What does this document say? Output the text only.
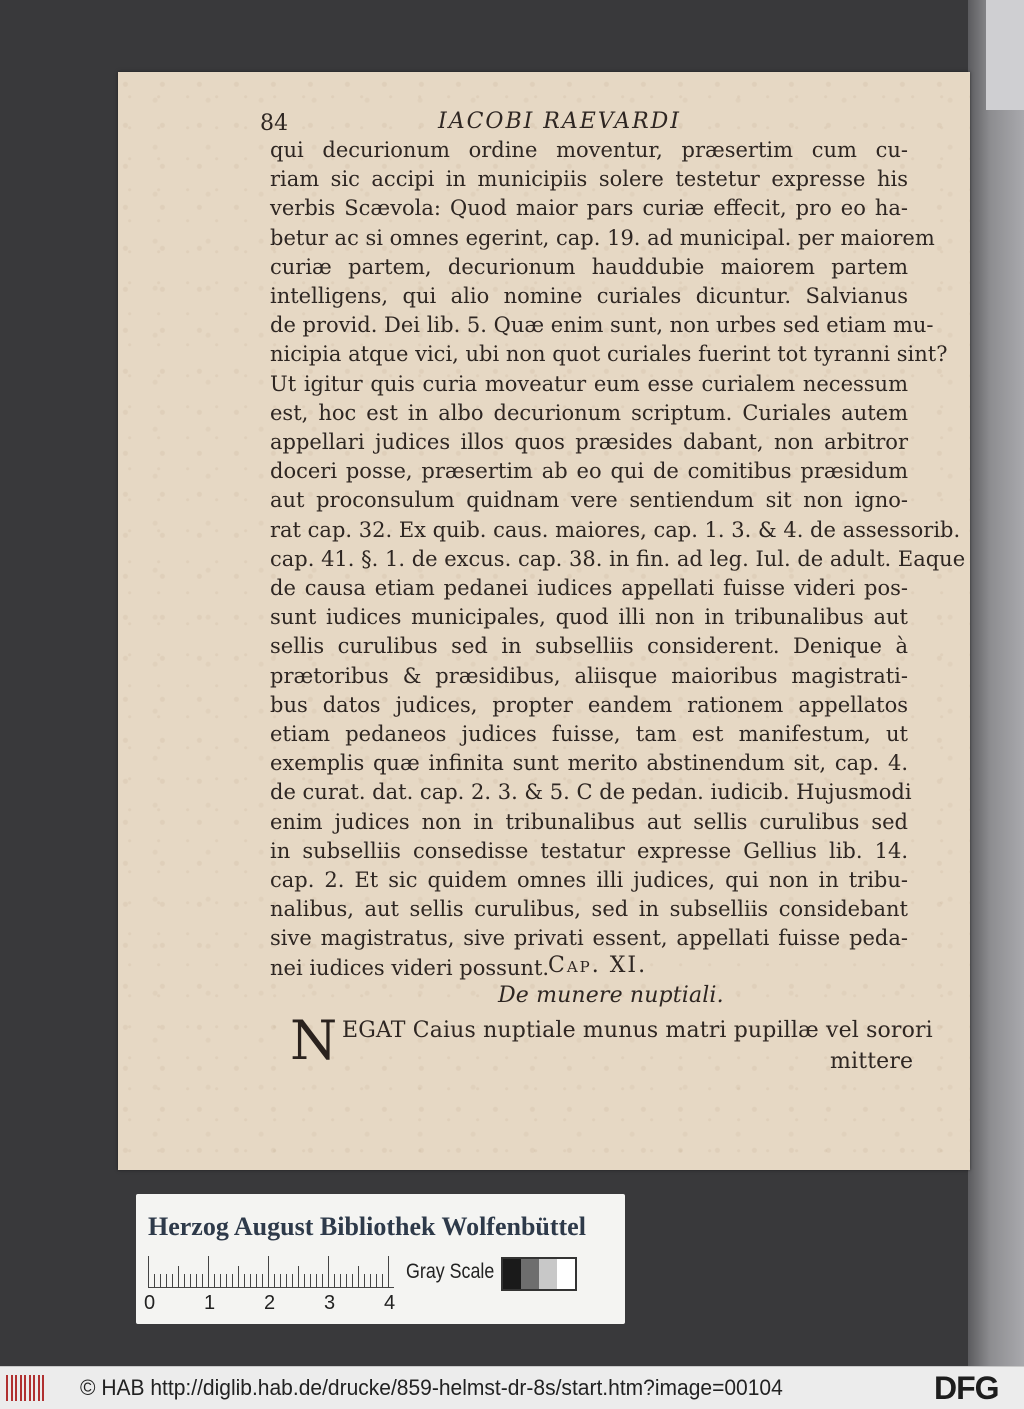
84	IACOBI RAEVARDI

qui decurionum ordine moventur, præsertim cum cu-
riam sic accipi in municipiis solere testetur expresse his
verbis Scævola: Quod maior pars curiæ effecit, pro eo ha-
betur ac si omnes egerint, cap. 19. ad municipal. per maiorem
curiæ partem, decurionum hauddubie maiorem partem
intelligens, qui alio nomine curiales dicuntur. Salvianus
de provid. Dei lib. 5. Quæ enim sunt, non urbes sed etiam mu-
nicipia atque vici, ubi non quot curiales fuerint tot tyranni sint?
Ut igitur quis curia moveatur eum esse curialem necessum
est, hoc est in albo decurionum scriptum. Curiales autem
appellari judices illos quos præsides dabant, non arbitror
doceri posse, præsertim ab eo qui de comitibus præsidum
aut proconsulum quidnam vere sentiendum sit non igno-
rat cap. 32. Ex quib. caus. maiores, cap. 1. 3. & 4. de assessorib.
cap. 41. §. 1. de excus. cap. 38. in fin. ad leg. Iul. de adult. Eaque
de causa etiam pedanei iudices appellati fuisse videri pos-
sunt iudices municipales, quod illi non in tribunalibus aut
sellis curulibus sed in subselliis considerent. Denique à
prætoribus & præsidibus, aliisque maioribus magistrati-
bus datos judices, propter eandem rationem appellatos
etiam pedaneos judices fuisse, tam est manifestum, ut
exemplis quæ infinita sunt merito abstinendum sit, cap. 4.
de curat. dat. cap. 2. 3. & 5. C de pedan. iudicib. Hujusmodi
enim judices non in tribunalibus aut sellis curulibus sed
in subselliis consedisse testatur expresse Gellius lib. 14.
cap. 2. Et sic quidem omnes illi judices, qui non in tribu-
nalibus, aut sellis curulibus, sed in subselliis considebant
sive magistratus, sive privati essent, appellati fuisse peda-
nei iudices videri possunt.

Cap. XI.

De munere nuptiali.

N EGAT Caius nuptiale munus matri pupillæ vel sorori

mittere

Herzog August Bibliothek Wolfenbüttel
0 1 2 3 4
Gray Scale
© HAB http://diglib.hab.de/drucke/859-helmst-dr-8s/start.htm?image=00104	DFG
